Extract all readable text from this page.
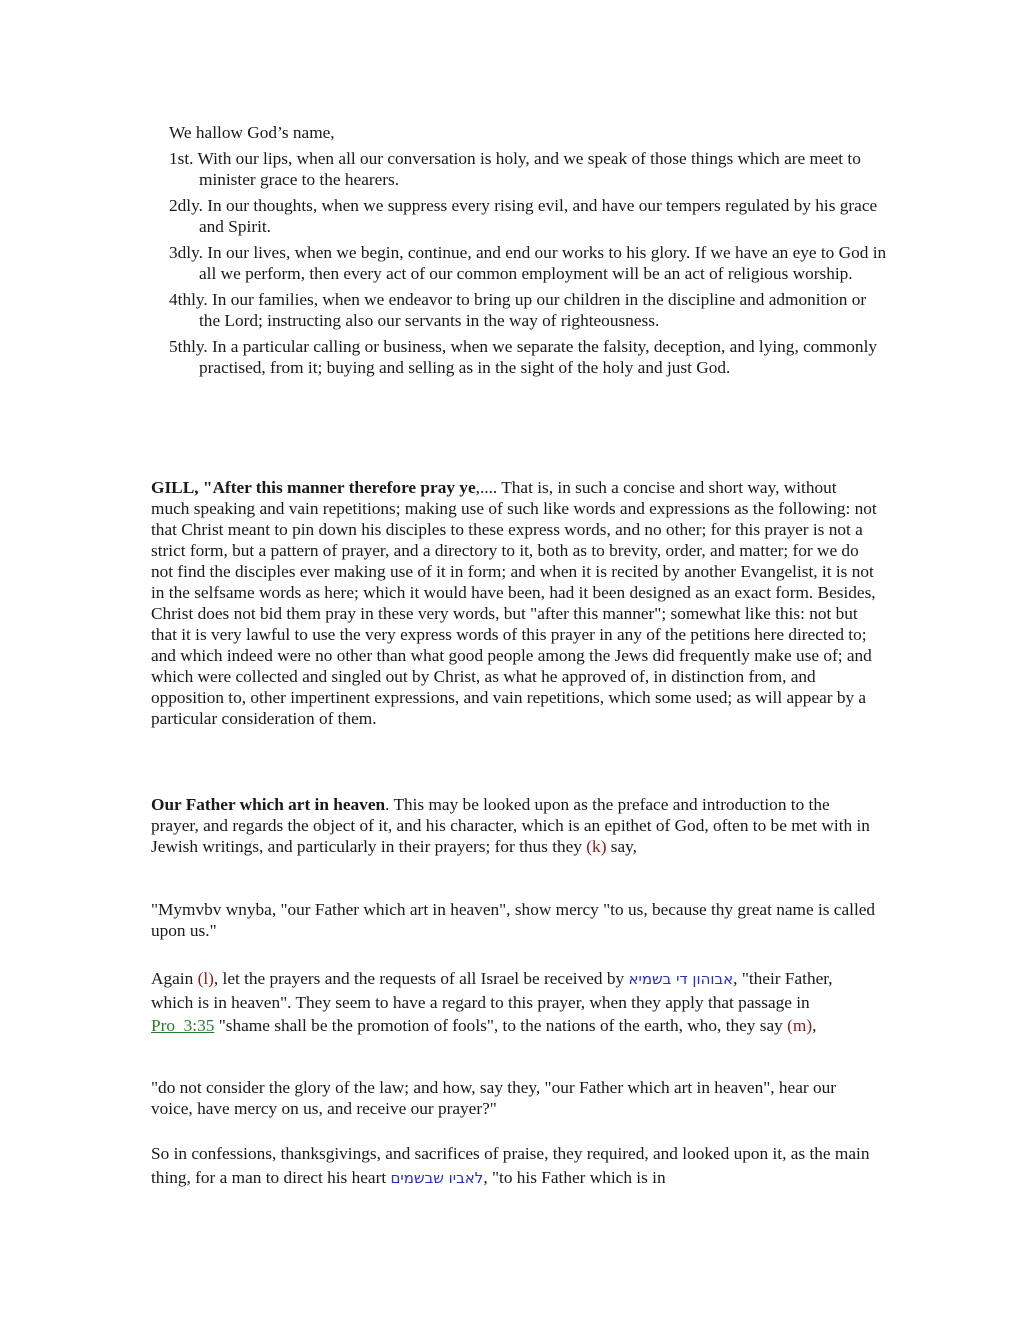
We hallow God’s name,
1st. With our lips, when all our conversation is holy, and we speak of those things which are meet to minister grace to the hearers.
2dly. In our thoughts, when we suppress every rising evil, and have our tempers regulated by his grace and Spirit.
3dly. In our lives, when we begin, continue, and end our works to his glory. If we have an eye to God in all we perform, then every act of our common employment will be an act of religious worship.
4thly. In our families, when we endeavor to bring up our children in the discipline and admonition or the Lord; instructing also our servants in the way of righteousness.
5thly. In a particular calling or business, when we separate the falsity, deception, and lying, commonly practised, from it; buying and selling as in the sight of the holy and just God.

GILL, "After this manner therefore pray ye,.... That is, in such a concise and short way, without much speaking and vain repetitions; making use of such like words and expressions as the following: not that Christ meant to pin down his disciples to these express words, and no other; for this prayer is not a strict form, but a pattern of prayer, and a directory to it, both as to brevity, order, and matter; for we do not find the disciples ever making use of it in form; and when it is recited by another Evangelist, it is not in the selfsame words as here; which it would have been, had it been designed as an exact form. Besides, Christ does not bid them pray in these very words, but "after this manner"; somewhat like this: not but that it is very lawful to use the very express words of this prayer in any of the petitions here directed to; and which indeed were no other than what good people among the Jews did frequently make use of; and which were collected and singled out by Christ, as what he approved of, in distinction from, and opposition to, other impertinent expressions, and vain repetitions, which some used; as will appear by a particular consideration of them.

Our Father which art in heaven. This may be looked upon as the preface and introduction to the prayer, and regards the object of it, and his character, which is an epithet of God, often to be met with in Jewish writings, and particularly in their prayers; for thus they (k) say,

"Mymvbv wnyba, "our Father which art in heaven", show mercy "to us, because thy great name is called upon us."

Again (l), let the prayers and the requests of all Israel be received by אבוהון די בשמיא, "their Father, which is in heaven". They seem to have a regard to this prayer, when they apply that passage in Pro_3:35 "shame shall be the promotion of fools", to the nations of the earth, who, they say (m),

"do not consider the glory of the law; and how, say they, "our Father which art in heaven", hear our voice, have mercy on us, and receive our prayer?"

So in confessions, thanksgivings, and sacrifices of praise, they required, and looked upon it, as the main thing, for a man to direct his heart לאביו שבשמים, "to his Father which is in
